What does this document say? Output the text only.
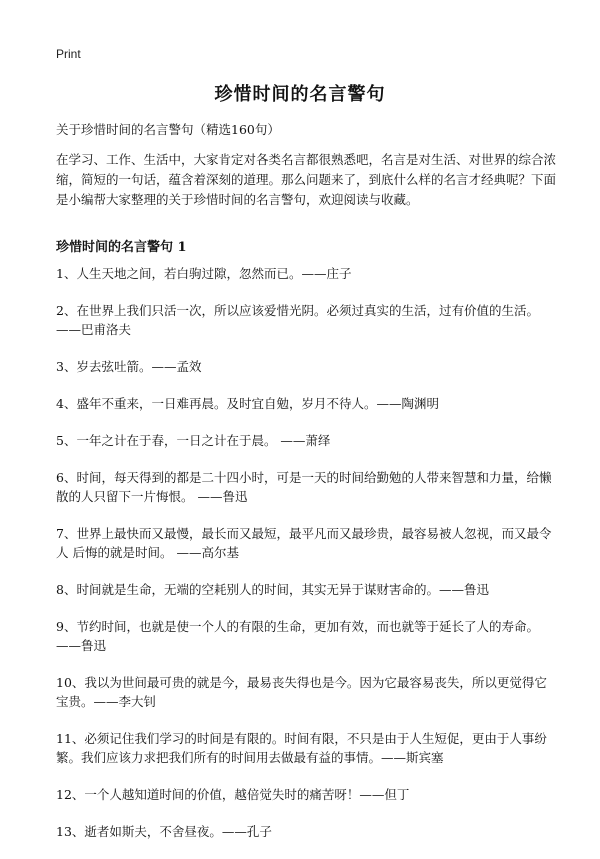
Print
珍惜时间的名言警句
关于珍惜时间的名言警句（精选160句）

在学习、工作、生活中，大家肯定对各类名言都很熟悉吧，名言是对生活、对世界的综合浓缩，简短的一句话，蕴含着深刻的道理。那么问题来了，到底什么样的名言才经典呢？下面是小编帮大家整理的关于珍惜时间的名言警句，欢迎阅读与收藏。

珍惜时间的名言警句 1
1、人生天地之间，若白驹过隙，忽然而已。——庄子
2、在世界上我们只活一次，所以应该爱惜光阴。必须过真实的生活，过有价值的生活。——巴甫洛夫
3、岁去弦吐箭。——孟效
4、盛年不重来，一日难再晨。及时宜自勉，岁月不待人。——陶渊明
5、一年之计在于春，一日之计在于晨。 ——萧绎
6、时间，每天得到的都是二十四小时，可是一天的时间给勤勉的人带来智慧和力量，给懒 散的人只留下一片悔恨。 ——鲁迅
7、世界上最快而又最慢，最长而又最短，最平凡而又最珍贵，最容易被人忽视，而又最令人 后悔的就是时间。 ——高尔基
8、时间就是生命，无端的空耗别人的时间，其实无异于谋财害命的。——鲁迅
9、节约时间，也就是使一个人的有限的生命，更加有效，而也就等于延长了人的寿命。——鲁迅
10、我以为世间最可贵的就是今，最易丧失得也是今。因为它最容易丧失，所以更觉得它宝贵。——李大钊
11、必须记住我们学习的时间是有限的。时间有限，不只是由于人生短促，更由于人事纷繁。我们应该力求把我们所有的时间用去做最有益的事情。——斯宾塞
12、一个人越知道时间的价值，越倍觉失时的痛苦呀！——但丁
13、逝者如斯夫，不舍昼夜。——孔子
